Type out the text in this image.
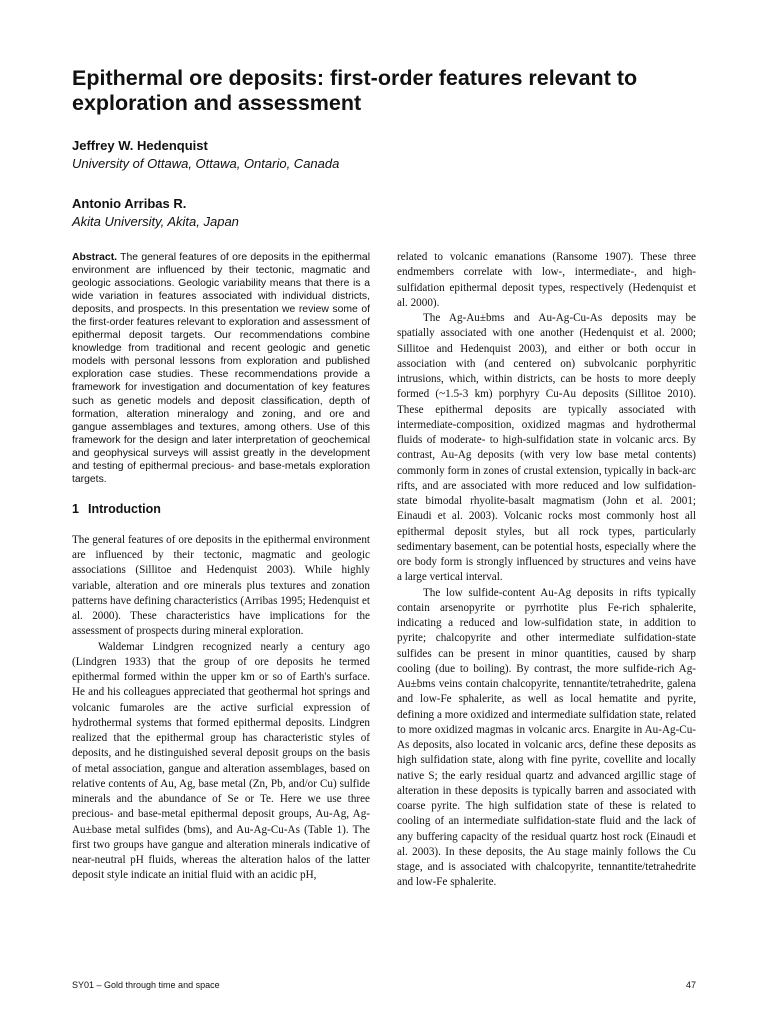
Epithermal ore deposits: first-order features relevant to exploration and assessment
Jeffrey W. Hedenquist
University of Ottawa, Ottawa, Ontario, Canada
Antonio Arribas R.
Akita University, Akita, Japan

Abstract. The general features of ore deposits in the epithermal environment are influenced by their tectonic, magmatic and geologic associations. Geologic variability means that there is a wide variation in features associated with individual districts, deposits, and prospects. In this presentation we review some of the first-order features relevant to exploration and assessment of epithermal deposit targets. Our recommendations combine knowledge from traditional and recent geologic and genetic models with personal lessons from exploration and published exploration case studies. These recommendations provide a framework for investigation and documentation of key features such as genetic models and deposit classification, depth of formation, alteration mineralogy and zoning, and ore and gangue assemblages and textures, among others. Use of this framework for the design and later interpretation of geochemical and geophysical surveys will assist greatly in the development and testing of epithermal precious- and base-metals exploration targets.

1 Introduction

The general features of ore deposits in the epithermal environment are influenced by their tectonic, magmatic and geologic associations (Sillitoe and Hedenquist 2003). While highly variable, alteration and ore minerals plus textures and zonation patterns have defining characteristics (Arribas 1995; Hedenquist et al. 2000). These characteristics have implications for the assessment of prospects during mineral exploration.

Waldemar Lindgren recognized nearly a century ago (Lindgren 1933) that the group of ore deposits he termed epithermal formed within the upper km or so of Earth's surface. He and his colleagues appreciated that geothermal hot springs and volcanic fumaroles are the active surficial expression of hydrothermal systems that formed epithermal deposits. Lindgren realized that the epithermal group has characteristic styles of deposits, and he distinguished several deposit groups on the basis of metal association, gangue and alteration assemblages, based on relative contents of Au, Ag, base metal (Zn, Pb, and/or Cu) sulfide minerals and the abundance of Se or Te. Here we use three precious- and base-metal epithermal deposit groups, Au-Ag, Ag-Au±base metal sulfides (bms), and Au-Ag-Cu-As (Table 1). The first two groups have gangue and alteration minerals indicative of near-neutral pH fluids, whereas the alteration halos of the latter deposit style indicate an initial fluid with an acidic pH,

related to volcanic emanations (Ransome 1907). These three endmembers correlate with low-, intermediate-, and high-sulfidation epithermal deposit types, respectively (Hedenquist et al. 2000).

The Ag-Au±bms and Au-Ag-Cu-As deposits may be spatially associated with one another (Hedenquist et al. 2000; Sillitoe and Hedenquist 2003), and either or both occur in association with (and centered on) subvolcanic porphyritic intrusions, which, within districts, can be hosts to more deeply formed (~1.5-3 km) porphyry Cu-Au deposits (Sillitoe 2010). These epithermal deposits are typically associated with intermediate-composition, oxidized magmas and hydrothermal fluids of moderate- to high-sulfidation state in volcanic arcs. By contrast, Au-Ag deposits (with very low base metal contents) commonly form in zones of crustal extension, typically in back-arc rifts, and are associated with more reduced and low sulfidation-state bimodal rhyolite-basalt magmatism (John et al. 2001; Einaudi et al. 2003). Volcanic rocks most commonly host all epithermal deposit styles, but all rock types, particularly sedimentary basement, can be potential hosts, especially where the ore body form is strongly influenced by structures and veins have a large vertical interval.

The low sulfide-content Au-Ag deposits in rifts typically contain arsenopyrite or pyrrhotite plus Fe-rich sphalerite, indicating a reduced and low-sulfidation state, in addition to pyrite; chalcopyrite and other intermediate sulfidation-state sulfides can be present in minor quantities, caused by sharp cooling (due to boiling). By contrast, the more sulfide-rich Ag-Au±bms veins contain chalcopyrite, tennantite/tetrahedrite, galena and low-Fe sphalerite, as well as local hematite and pyrite, defining a more oxidized and intermediate sulfidation state, related to more oxidized magmas in volcanic arcs. Enargite in Au-Ag-Cu-As deposits, also located in volcanic arcs, define these deposits as high sulfidation state, along with fine pyrite, covellite and locally native S; the early residual quartz and advanced argillic stage of alteration in these deposits is typically barren and associated with coarse pyrite. The high sulfidation state of these is related to cooling of an intermediate sulfidation-state fluid and the lack of any buffering capacity of the residual quartz host rock (Einaudi et al. 2003). In these deposits, the Au stage mainly follows the Cu stage, and is associated with chalcopyrite, tennantite/tetrahedrite and low-Fe sphalerite.

SY01 – Gold through time and space	47
